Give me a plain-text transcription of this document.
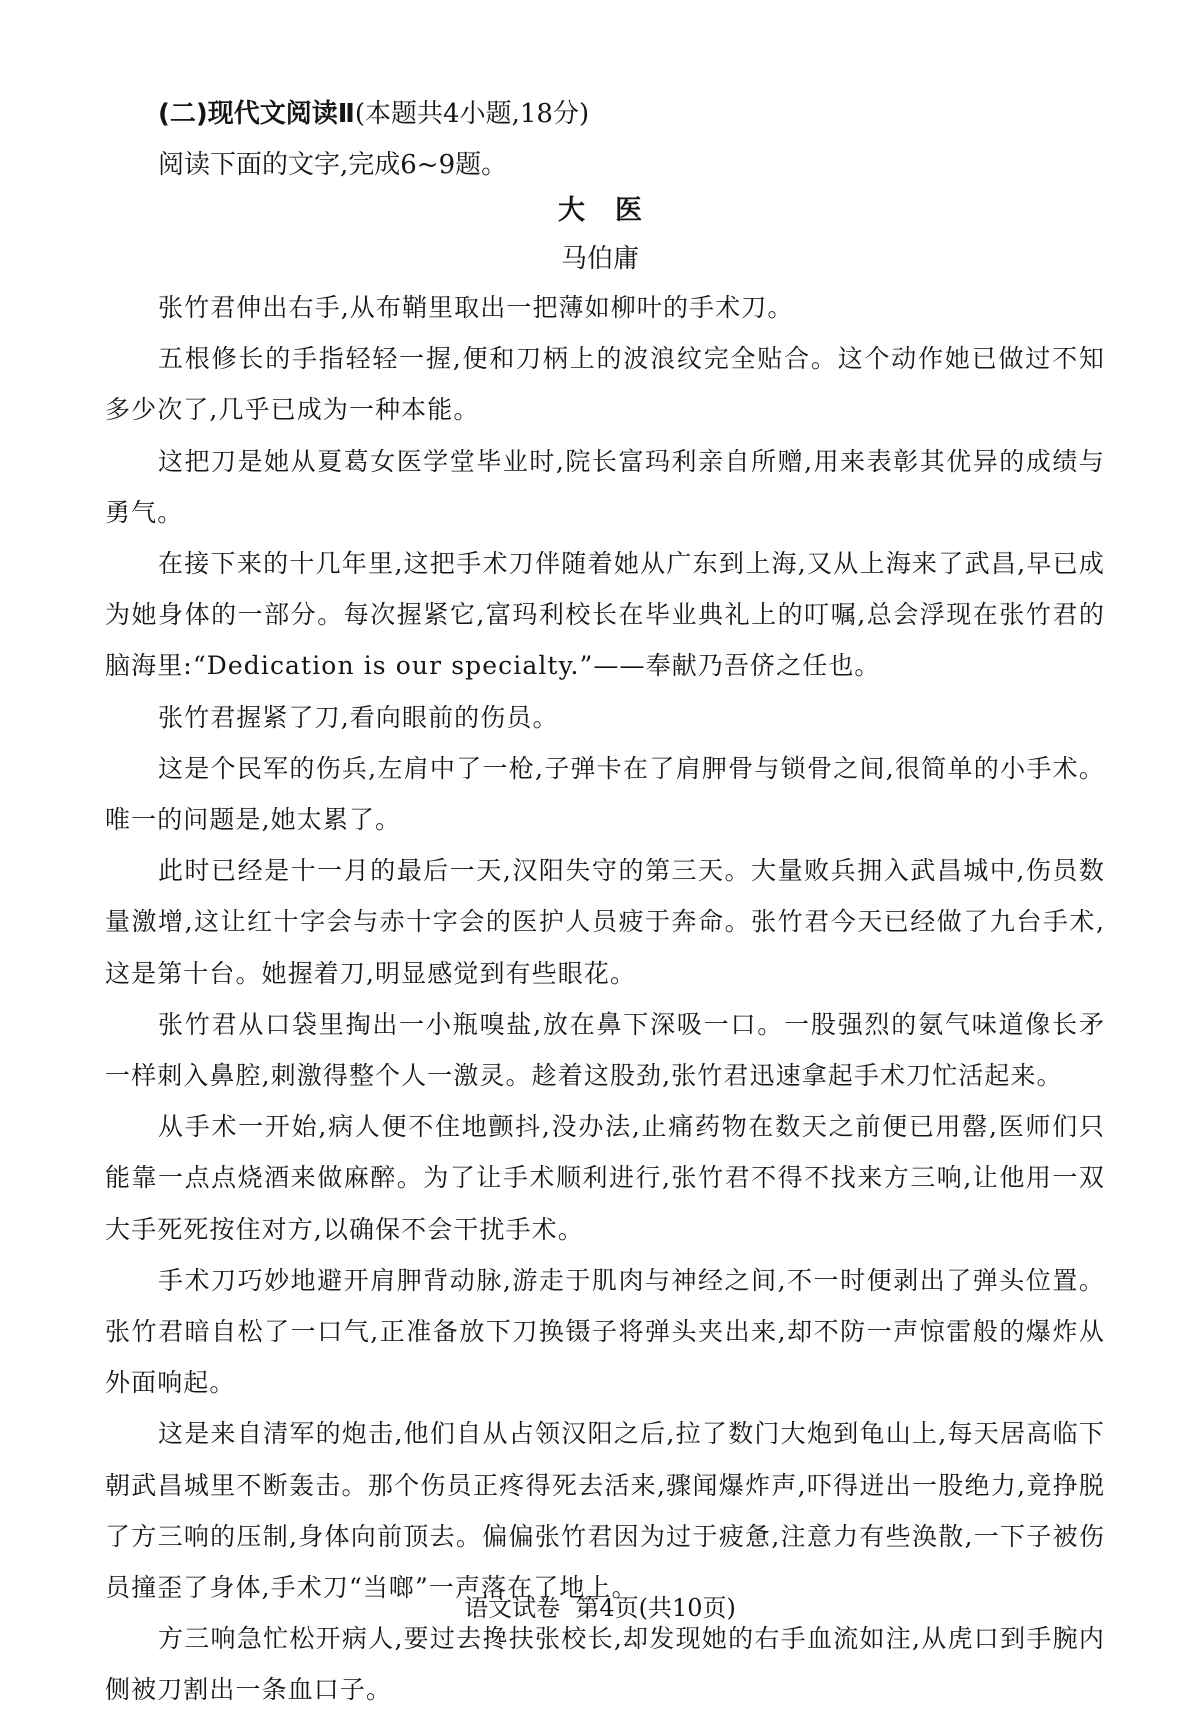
(二)现代文阅读Ⅱ(本题共4小题,18分)
阅读下面的文字,完成6~9题。
大医
马伯庸

张竹君伸出右手,从布鞘里取出一把薄如柳叶的手术刀。

五根修长的手指轻轻一握,便和刀柄上的波浪纹完全贴合。这个动作她已做过不知多少次了,几乎已成为一种本能。

这把刀是她从夏葛女医学堂毕业时,院长富玛利亲自所赠,用来表彰其优异的成绩与勇气。

在接下来的十几年里,这把手术刀伴随着她从广东到上海,又从上海来了武昌,早已成为她身体的一部分。每次握紧它,富玛利校长在毕业典礼上的叮嘱,总会浮现在张竹君的脑海里:“Dedication is our specialty.”——奉献乃吾侪之任也。

张竹君握紧了刀,看向眼前的伤员。

这是个民军的伤兵,左肩中了一枪,子弹卡在了肩胛骨与锁骨之间,很简单的小手术。唯一的问题是,她太累了。

此时已经是十一月的最后一天,汉阳失守的第三天。大量败兵拥入武昌城中,伤员数量激增,这让红十字会与赤十字会的医护人员疲于奔命。张竹君今天已经做了九台手术,这是第十台。她握着刀,明显感觉到有些眼花。

张竹君从口袋里掏出一小瓶嗅盐,放在鼻下深吸一口。一股强烈的氨气味道像长矛一样刺入鼻腔,刺激得整个人一激灵。趁着这股劲,张竹君迅速拿起手术刀忙活起来。

从手术一开始,病人便不住地颤抖,没办法,止痛药物在数天之前便已用罄,医师们只能靠一点点烧酒来做麻醉。为了让手术顺利进行,张竹君不得不找来方三响,让他用一双大手死死按住对方,以确保不会干扰手术。

手术刀巧妙地避开肩胛背动脉,游走于肌肉与神经之间,不一时便剥出了弹头位置。张竹君暗自松了一口气,正准备放下刀换镊子将弹头夹出来,却不防一声惊雷般的爆炸从外面响起。

这是来自清军的炮击,他们自从占领汉阳之后,拉了数门大炮到龟山上,每天居高临下朝武昌城里不断轰击。那个伤员正疼得死去活来,骤闻爆炸声,吓得迸出一股绝力,竟挣脱了方三响的压制,身体向前顶去。偏偏张竹君因为过于疲惫,注意力有些涣散,一下子被伤员撞歪了身体,手术刀“当啷”一声落在了地上。

方三响急忙松开病人,要过去搀扶张校长,却发现她的右手血流如注,从虎口到手腕内侧被刀割出一条血口子。

语文试卷  第4页(共10页)
